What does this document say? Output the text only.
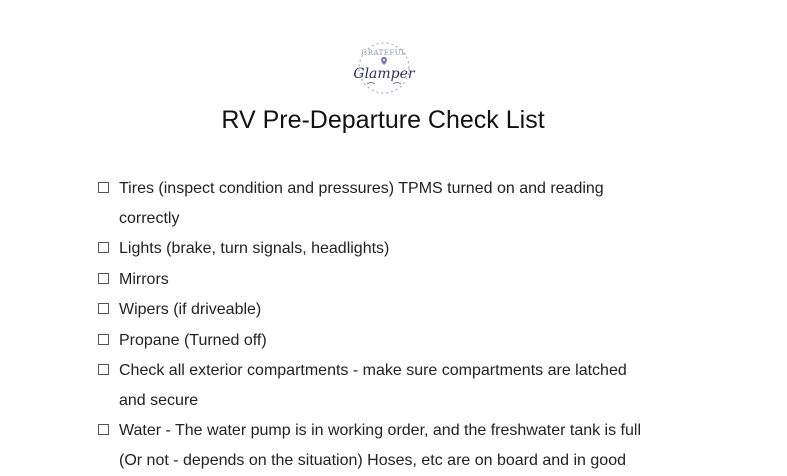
GRATEFUL
Glamper
RV Pre-Departure Check List
Tires (inspect condition and pressures) TPMS turned on and reading correctly
Lights (brake, turn signals, headlights)
Mirrors
Wipers (if driveable)
Propane (Turned off)
Check all exterior compartments - make sure compartments are latched and secure
Water - The water pump is in working order, and the freshwater tank is full (Or not - depends on the situation) Hoses, etc are on board and in good
